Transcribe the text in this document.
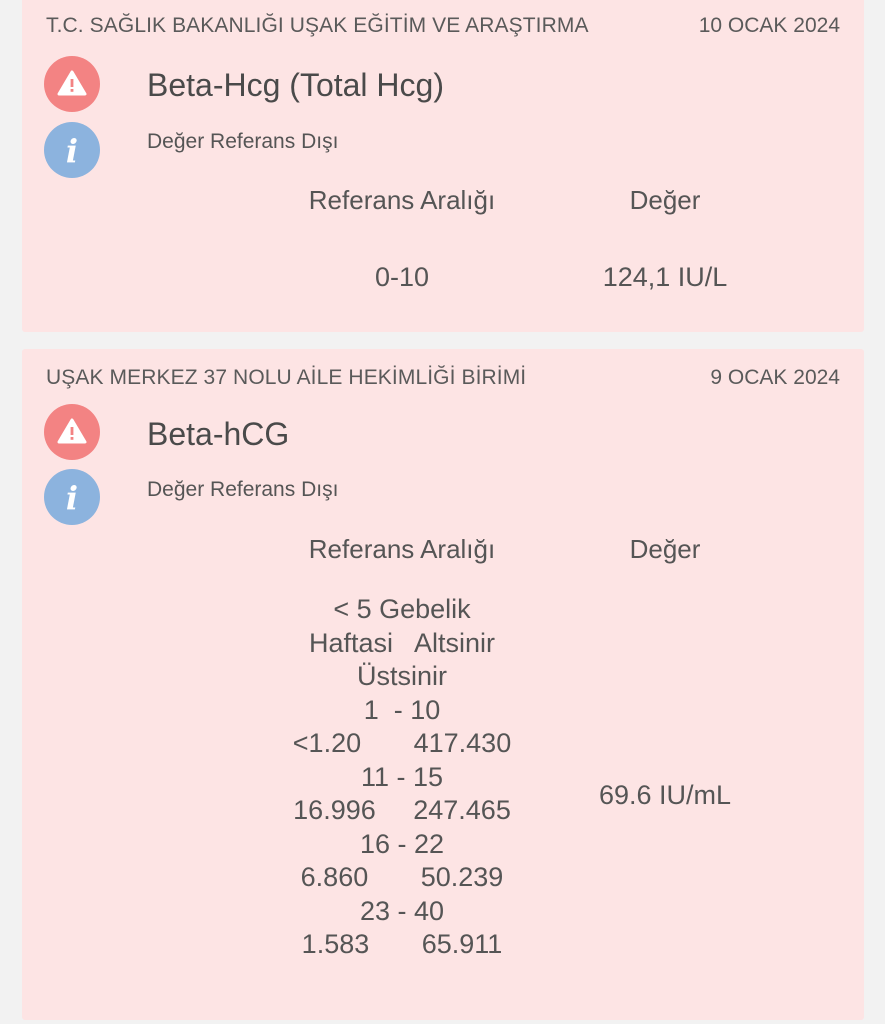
T.C. SAĞLIK BAKANLIĞI UŞAK EĞİTİM VE ARAŞTIRMA	10 OCAK 2024
Beta-Hcg (Total Hcg)
i	Değer Referans Dışı
Referans Aralığı	Değer
0-10	124,1 IU/L
UŞAK MERKEZ 37 NOLU AİLE HEKİMLİĞİ BİRİMİ	9 OCAK 2024
Beta-hCG
i	Değer Referans Dışı
Referans Aralığı	Değer
< 5 Gebelik
Haftasi   Altsinir
Üstsinir
1  - 10
<1.20       417.430
11 - 15
16.996     247.465
16 - 22
6.860       50.239
23 - 40
1.583       65.911
69.6 IU/mL
